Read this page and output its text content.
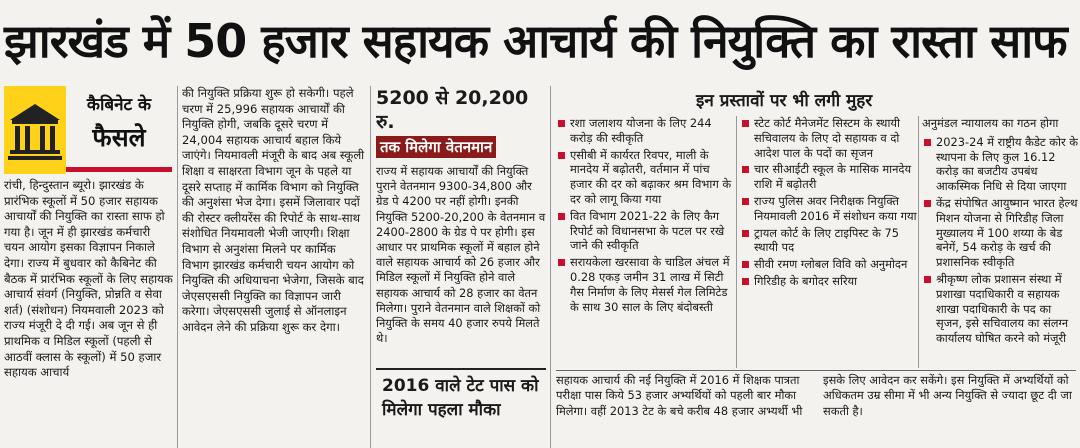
झारखंड में 50 हजार सहायक आचार्य की नियुक्ति का रास्ता साफ
कैबिनेट के
फैसले

रांची, हिन्दुस्तान ब्यूरो। झारखंड के प्रारंभिक स्कूलों में 50 हजार सहायक आचार्यों की नियुक्ति का रास्ता साफ हो गया है। जून में ही झारखंड कर्मचारी चयन आयोग इसका विज्ञापन निकाले देगा। राज्य में बुधवार को कैबिनेट की बैठक में प्रारंभिक स्कूलों के लिए सहायक आचार्य संवर्ग (नियुक्ति, प्रोन्नति व सेवा शर्त) (संशोधन) नियमवाली 2023 को राज्य मंजूरी दे दी गई। अब जून से ही प्राथमिक व मिडिल स्कूलों (पहली से आठवीं क्लास के स्कूलों) में 50 हजार सहायक आचार्य

की नियुक्ति प्रक्रिया शुरू हो सकेगी। पहले चरण में 25,996 सहायक आचार्यों की नियुक्ति होगी, जबकि दूसरे चरण में 24,004 सहायक आचार्य बहाल किये जाएंगे। नियमावली मंजूरी के बाद अब स्कूली शिक्षा व साक्षरता विभाग जून के पहले या दूसरे सप्ताह में कार्मिक विभाग को नियुक्ति की अनुशंसा भेज देगा। इसमें जिलावार पदों की रोस्टर क्लीयरेंस की रिपोर्ट के साथ-साथ संशोधित नियमावली भेजी जाएगी। शिक्षा विभाग से अनुशंसा मिलने पर कार्मिक विभाग झारखंड कर्मचारी चयन आयोग को नियुक्ति की अधियाचना भेजेगा, जिसके बाद जेएसएससी नियुक्ति का विज्ञापन जारी करेगा। जेएसएससी जुलाई से ऑनलाइन आवेदन लेने की प्रक्रिया शुरू कर देगा।

5200 से 20,200 रु.
तक मिलेगा वेतनमान

राज्य में सहायक आचार्यों की नियुक्ति पुराने वेतनमान 9300-34,800 और ग्रेड पे 4200 पर नहीं होगी। इनकी नियुक्ति 5200-20,200 के वेतनमान व 2400-2800 के ग्रेड पे पर होगी। इस आधार पर प्राथमिक स्कूलों में बहाल होने वाले सहायक आचार्य को 26 हजार और मिडिल स्कूलों में नियुक्ति होने वाले सहायक आचार्य को 28 हजार का वेतन मिलेगा। पुराने वेतनमान वाले शिक्षकों को नियुक्ति के समय 40 हजार रुपये मिलते थे।

2016 वाले टेट पास को मिलेगा पहला मौका
इन प्रस्तावों पर भी लगी मुहर
रशा जलाशय योजना के लिए 244 करोड़ की स्वीकृति
एसीबी में कार्यरत रिवपर, माली के मानदेय में बढ़ोतरी, वर्तमान में पांच हजार की दर को बढ़ाकर श्रम विभाग के दर को लागू किया गया
वित विभाग 2021-22 के लिए कैग रिपोर्ट को विधानसभा के पटल पर रखे जाने की स्वीकृति
सरायकेला खरसावा के चाडिल अंचल में 0.28 एकड़ जमीन 31 लाख में सिटी गैस निर्माण के लिए मेसर्स गेल लिमिटेड के साथ 30 साल के लिए बंदोबस्ती
स्टेट कोर्ट मैनेजमेंट सिस्टम के स्थायी सचिवालय के लिए दो सहायक व दो आदेश पाल के पदों का सृजन
चार सीआईटी स्कूल के मासिक मानदेय राशि में बढ़ोतरी
राज्य पुलिस अवर निरीक्षक नियुक्ति नियमावली 2016 में संशोधन कया गया
ट्रायल कोर्ट के लिए टाइपिस्ट के 75 स्थायी पद
सीवी रमण ग्लोबल विवि को अनुमोदन
गिरिडीह के बगोदर सरिया

अनुमंडल न्यायालय का गठन होगा

2023-24 में राष्ट्रीय कैडेट कोर के स्थापना के लिए कुल 16.12 करोड़ का बजटीय उपबंध आकस्मिक निधि से दिया जाएगा
केंद्र संपोषित आयुष्मान भारत हेल्थ मिशन योजना से गिरिडीह जिला मुख्यालय में 100 शय्या के बेड बनेगें, 54 करोड़ के खर्च की प्रशासनिक स्वीकृति
श्रीकृष्ण लोक प्रशासन संस्था में प्रशाखा पदाधिकारी व सहायक शाखा पदाधिकारी के पद का सृजन, इसे सचिवालय का संलग्न कार्यालय घोषित करने को मंजूरी
सहायक आचार्य की नई नियुक्ति में 2016 में शिक्षक पात्रता परीक्षा पास किये 53 हजार अभ्यर्थियों को पहली बार मौका मिलेगा। वहीं 2013 टेट के बचे करीब 48 हजार अभ्यर्थी भी इसके लिए आवेदन कर सकेंगे। इस नियुक्ति में अभ्यर्थियों को अधिकतम उम्र सीमा में भी अन्य नियुक्ति से ज्यादा छूट दी जा सकती है।
